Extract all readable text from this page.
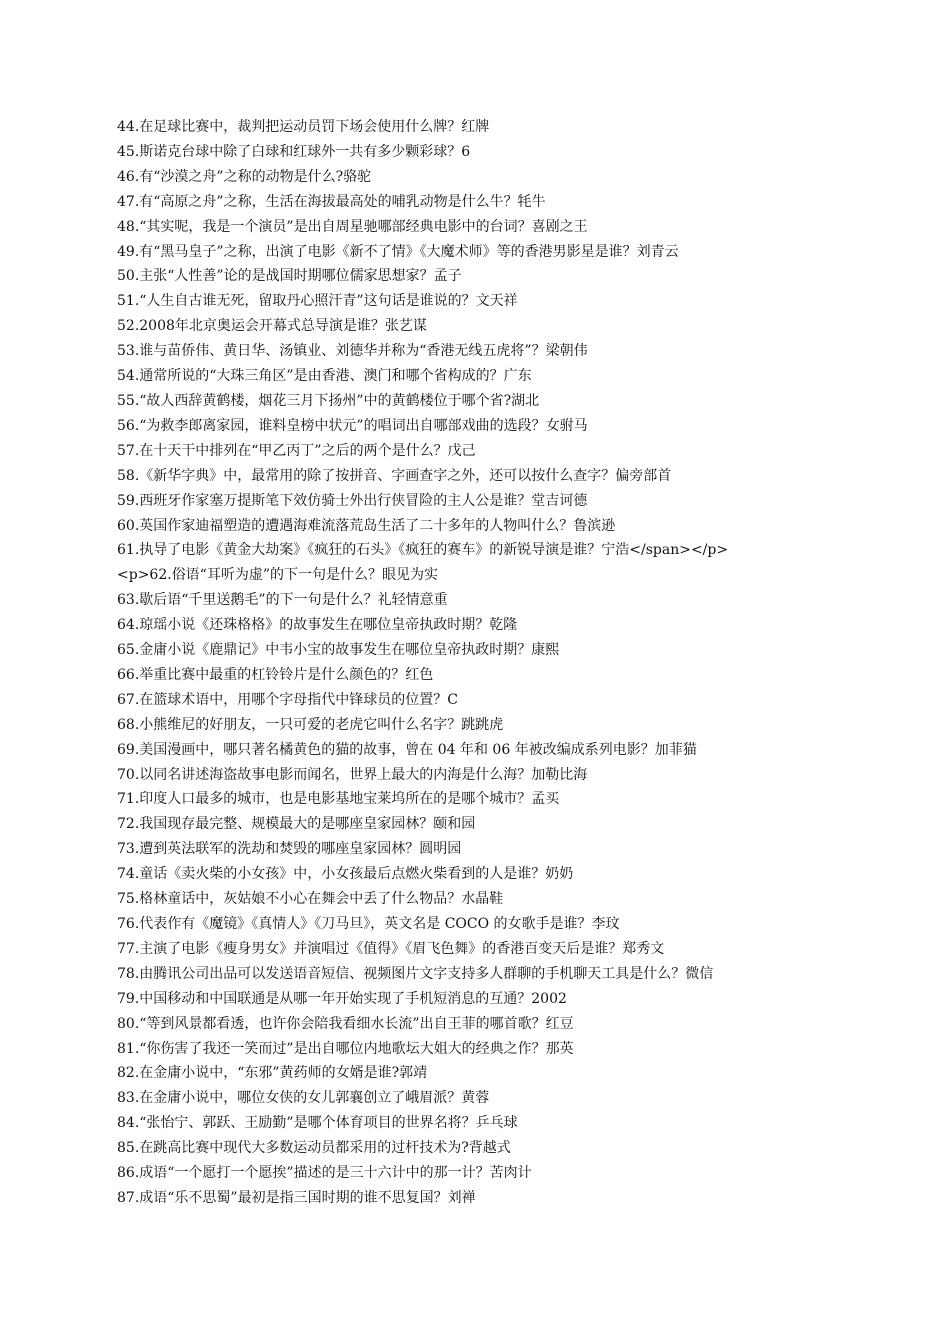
44.在足球比赛中，裁判把运动员罚下场会使用什么牌？红牌

45.斯诺克台球中除了白球和红球外一共有多少颗彩球？6

46.有“沙漠之舟”之称的动物是什么?骆驼

47.有“高原之舟”之称，生活在海拔最高处的哺乳动物是什么牛？牦牛

48.“其实呢，我是一个演员”是出自周星驰哪部经典电影中的台词？喜剧之王

49.有“黑马皇子”之称，出演了电影《新不了情》《大魔术师》等的香港男影星是谁？刘青云

50.主张“人性善”论的是战国时期哪位儒家思想家？孟子

51.“人生自古谁无死，留取丹心照汗青”这句话是谁说的？文天祥

52.2008年北京奥运会开幕式总导演是谁？张艺谋

53.谁与苗侨伟、黄日华、汤镇业、刘德华并称为“香港无线五虎将”？梁朝伟

54.通常所说的“大珠三角区”是由香港、澳门和哪个省构成的？广东

55.“故人西辞黄鹤楼，烟花三月下扬州”中的黄鹤楼位于哪个省?湖北

56.“为救李郎离家园，谁料皇榜中状元”的唱词出自哪部戏曲的选段？女驸马

57.在十天干中排列在“甲乙丙丁”之后的两个是什么？戊己

58.《新华字典》中，最常用的除了按拼音、字画查字之外，还可以按什么查字？偏旁部首

59.西班牙作家塞万提斯笔下效仿骑士外出行侠冒险的主人公是谁？堂吉诃德

60.英国作家迪福塑造的遭遇海难流落荒岛生活了二十多年的人物叫什么？鲁滨逊

61.执导了电影《黄金大劫案》《疯狂的石头》《疯狂的赛车》的新锐导演是谁？宁浩</span></p>

<p>62.俗语“耳听为虚”的下一句是什么？眼见为实

63.歇后语“千里送鹅毛”的下一句是什么？礼轻情意重

64.琼瑶小说《还珠格格》的故事发生在哪位皇帝执政时期？乾隆

65.金庸小说《鹿鼎记》中韦小宝的故事发生在哪位皇帝执政时期？康熙

66.举重比赛中最重的杠铃铃片是什么颜色的？红色

67.在篮球术语中，用哪个字母指代中锋球员的位置？C

68.小熊维尼的好朋友，一只可爱的老虎它叫什么名字？跳跳虎

69.美国漫画中，哪只著名橘黄色的猫的故事，曾在 04 年和 06 年被改编成系列电影？加菲猫

70.以同名讲述海盗故事电影而闻名，世界上最大的内海是什么海？加勒比海

71.印度人口最多的城市，也是电影基地宝莱坞所在的是哪个城市？孟买

72.我国现存最完整、规模最大的是哪座皇家园林？颐和园

73.遭到英法联军的洗劫和焚毁的哪座皇家园林？圆明园

74.童话《卖火柴的小女孩》中，小女孩最后点燃火柴看到的人是谁？奶奶

75.格林童话中，灰姑娘不小心在舞会中丢了什么物品？水晶鞋

76.代表作有《魔镜》《真情人》《刀马旦》，英文名是 COCO 的女歌手是谁？李玟

77.主演了电影《瘦身男女》并演唱过《值得》《眉飞色舞》的香港百变天后是谁？郑秀文

78.由腾讯公司出品可以发送语音短信、视频图片文字支持多人群聊的手机聊天工具是什么？微信

79.中国移动和中国联通是从哪一年开始实现了手机短消息的互通？2002

80.“等到风景都看透，也许你会陪我看细水长流”出自王菲的哪首歌？红豆

81.“你伤害了我还一笑而过”是出自哪位内地歌坛大姐大的经典之作？那英

82.在金庸小说中，“东邪”黄药师的女婿是谁?郭靖

83.在金庸小说中，哪位女侠的女儿郭襄创立了峨眉派？黄蓉

84.“张怡宁、郭跃、王励勤”是哪个体育项目的世界名将？乒乓球

85.在跳高比赛中现代大多数运动员都采用的过杆技术为?背越式

86.成语“一个愿打一个愿挨”描述的是三十六计中的那一计？苦肉计

87.成语“乐不思蜀”最初是指三国时期的谁不思复国？刘禅
